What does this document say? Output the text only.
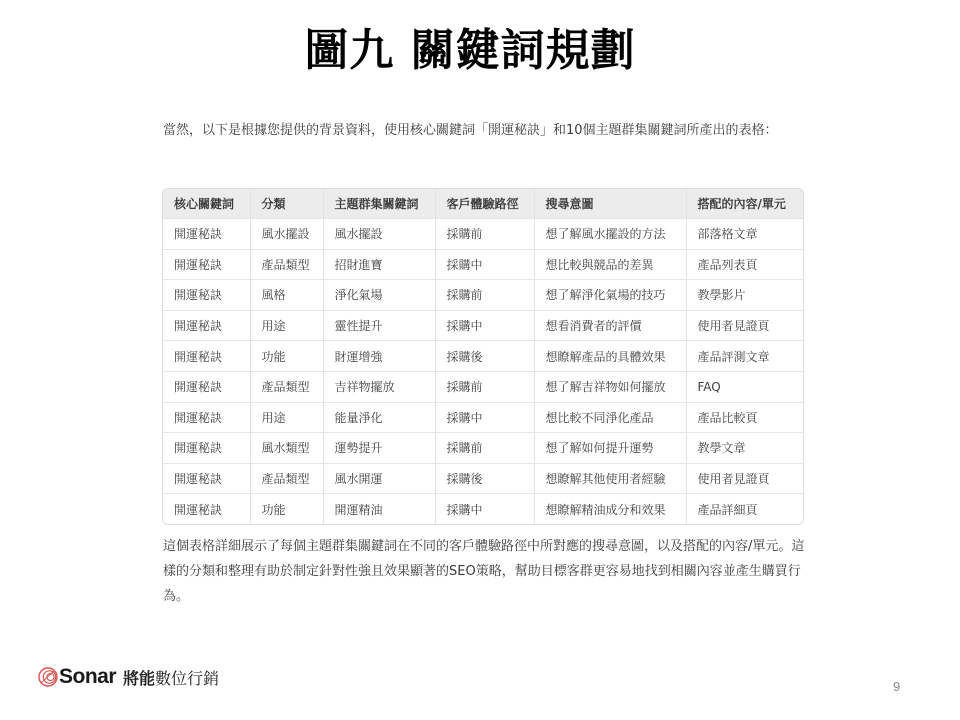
圖九 關鍵詞規劃
當然，以下是根據您提供的背景資料，使用核心關鍵詞「開運秘訣」和10個主題群集關鍵詞所產出的表格：
核心關鍵詞	分類	主題群集關鍵詞	客戶體驗路徑	搜尋意圖	搭配的內容/單元
開運秘訣	風水擺設	風水擺設	採購前	想了解風水擺設的方法	部落格文章
開運秘訣	產品類型	招財進寶	採購中	想比較與競品的差異	產品列表頁
開運秘訣	風格	淨化氣場	採購前	想了解淨化氣場的技巧	教學影片
開運秘訣	用途	靈性提升	採購中	想看消費者的評價	使用者見證頁
開運秘訣	功能	財運增強	採購後	想瞭解產品的具體效果	產品評測文章
開運秘訣	產品類型	吉祥物擺放	採購前	想了解吉祥物如何擺放	FAQ
開運秘訣	用途	能量淨化	採購中	想比較不同淨化產品	產品比較頁
開運秘訣	風水類型	運勢提升	採購前	想了解如何提升運勢	教學文章
開運秘訣	產品類型	風水開運	採購後	想瞭解其他使用者經驗	使用者見證頁
開運秘訣	功能	開運精油	採購中	想瞭解精油成分和效果	產品詳細頁
這個表格詳細展示了每個主題群集關鍵詞在不同的客戶體驗路徑中所對應的搜尋意圖，以及搭配的內容/單元。這樣的分類和整理有助於制定針對性強且效果顯著的SEO策略，幫助目標客群更容易地找到相關內容並產生購買行為。
Sonar 將能數位行銷	9
